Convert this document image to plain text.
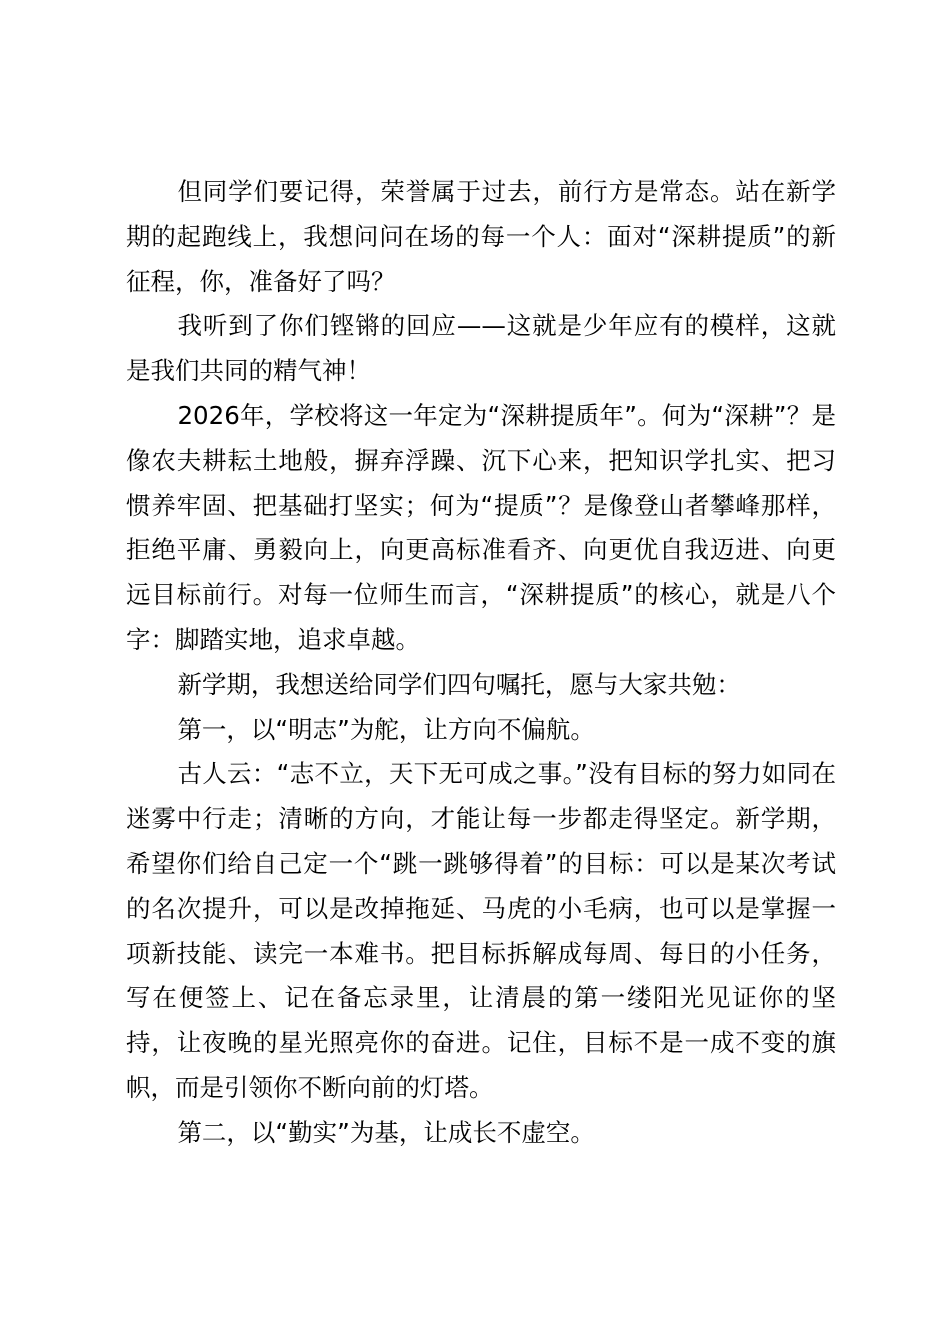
但同学们要记得，荣誉属于过去，前行方是常态。站在新学期的起跑线上，我想问问在场的每一个人：面对“深耕提质”的新征程，你，准备好了吗？

我听到了你们铿锵的回应——这就是少年应有的模样，这就是我们共同的精气神！

2026年，学校将这一年定为“深耕提质年”。何为“深耕”？是像农夫耕耘土地般，摒弃浮躁、沉下心来，把知识学扎实、把习惯养牢固、把基础打坚实；何为“提质”？是像登山者攀峰那样，拒绝平庸、勇毅向上，向更高标准看齐、向更优自我迈进、向更远目标前行。对每一位师生而言，“深耕提质”的核心，就是八个字：脚踏实地，追求卓越。

新学期，我想送给同学们四句嘱托，愿与大家共勉：

第一，以“明志”为舵，让方向不偏航。

古人云：“志不立，天下无可成之事。”没有目标的努力如同在迷雾中行走；清晰的方向，才能让每一步都走得坚定。新学期，希望你们给自己定一个“跳一跳够得着”的目标：可以是某次考试的名次提升，可以是改掉拖延、马虎的小毛病，也可以是掌握一项新技能、读完一本难书。把目标拆解成每周、每日的小任务，写在便签上、记在备忘录里，让清晨的第一缕阳光见证你的坚持，让夜晚的星光照亮你的奋进。记住，目标不是一成不变的旗帜，而是引领你不断向前的灯塔。

第二，以“勤实”为基，让成长不虚空。
